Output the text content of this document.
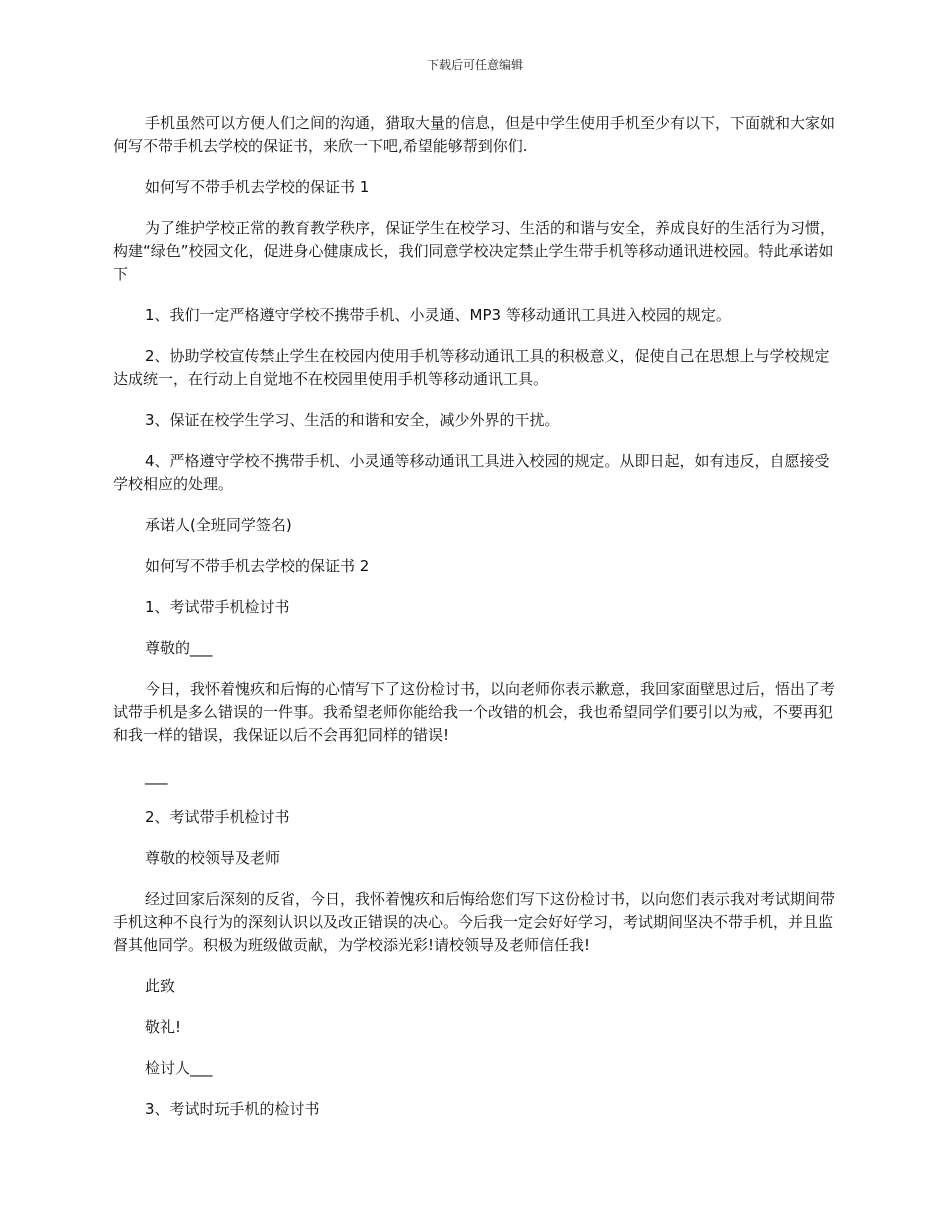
下载后可任意编辑

手机虽然可以方便人们之间的沟通，猎取大量的信息，但是中学生使用手机至少有以下，下面就和大家如何写不带手机去学校的保证书，来欣一下吧,希望能够帮到你们.

如何写不带手机去学校的保证书 1

为了维护学校正常的教育教学秩序，保证学生在校学习、生活的和谐与安全，养成良好的生活行为习惯，构建“绿色”校园文化，促进身心健康成长，我们同意学校决定禁止学生带手机等移动通讯进校园。特此承诺如下

1、我们一定严格遵守学校不携带手机、小灵通、MP3 等移动通讯工具进入校园的规定。

2、协助学校宣传禁止学生在校园内使用手机等移动通讯工具的积极意义，促使自己在思想上与学校规定达成统一，在行动上自觉地不在校园里使用手机等移动通讯工具。

3、保证在校学生学习、生活的和谐和安全，减少外界的干扰。

4、严格遵守学校不携带手机、小灵通等移动通讯工具进入校园的规定。从即日起，如有违反，自愿接受学校相应的处理。

承诺人(全班同学签名)

如何写不带手机去学校的保证书 2

1、考试带手机检讨书

尊敬的___

今日，我怀着愧疚和后悔的心情写下了这份检讨书，以向老师你表示歉意，我回家面壁思过后，悟出了考试带手机是多么错误的一件事。我希望老师你能给我一个改错的机会，我也希望同学们要引以为戒，不要再犯和我一样的错误，我保证以后不会再犯同样的错误!

___

2、考试带手机检讨书

尊敬的校领导及老师

经过回家后深刻的反省，今日，我怀着愧疚和后悔给您们写下这份检讨书，以向您们表示我对考试期间带手机这种不良行为的深刻认识以及改正错误的决心。今后我一定会好好学习，考试期间坚决不带手机，并且监督其他同学。积极为班级做贡献，为学校添光彩!请校领导及老师信任我!

此致

敬礼!

检讨人___

3、考试时玩手机的检讨书
